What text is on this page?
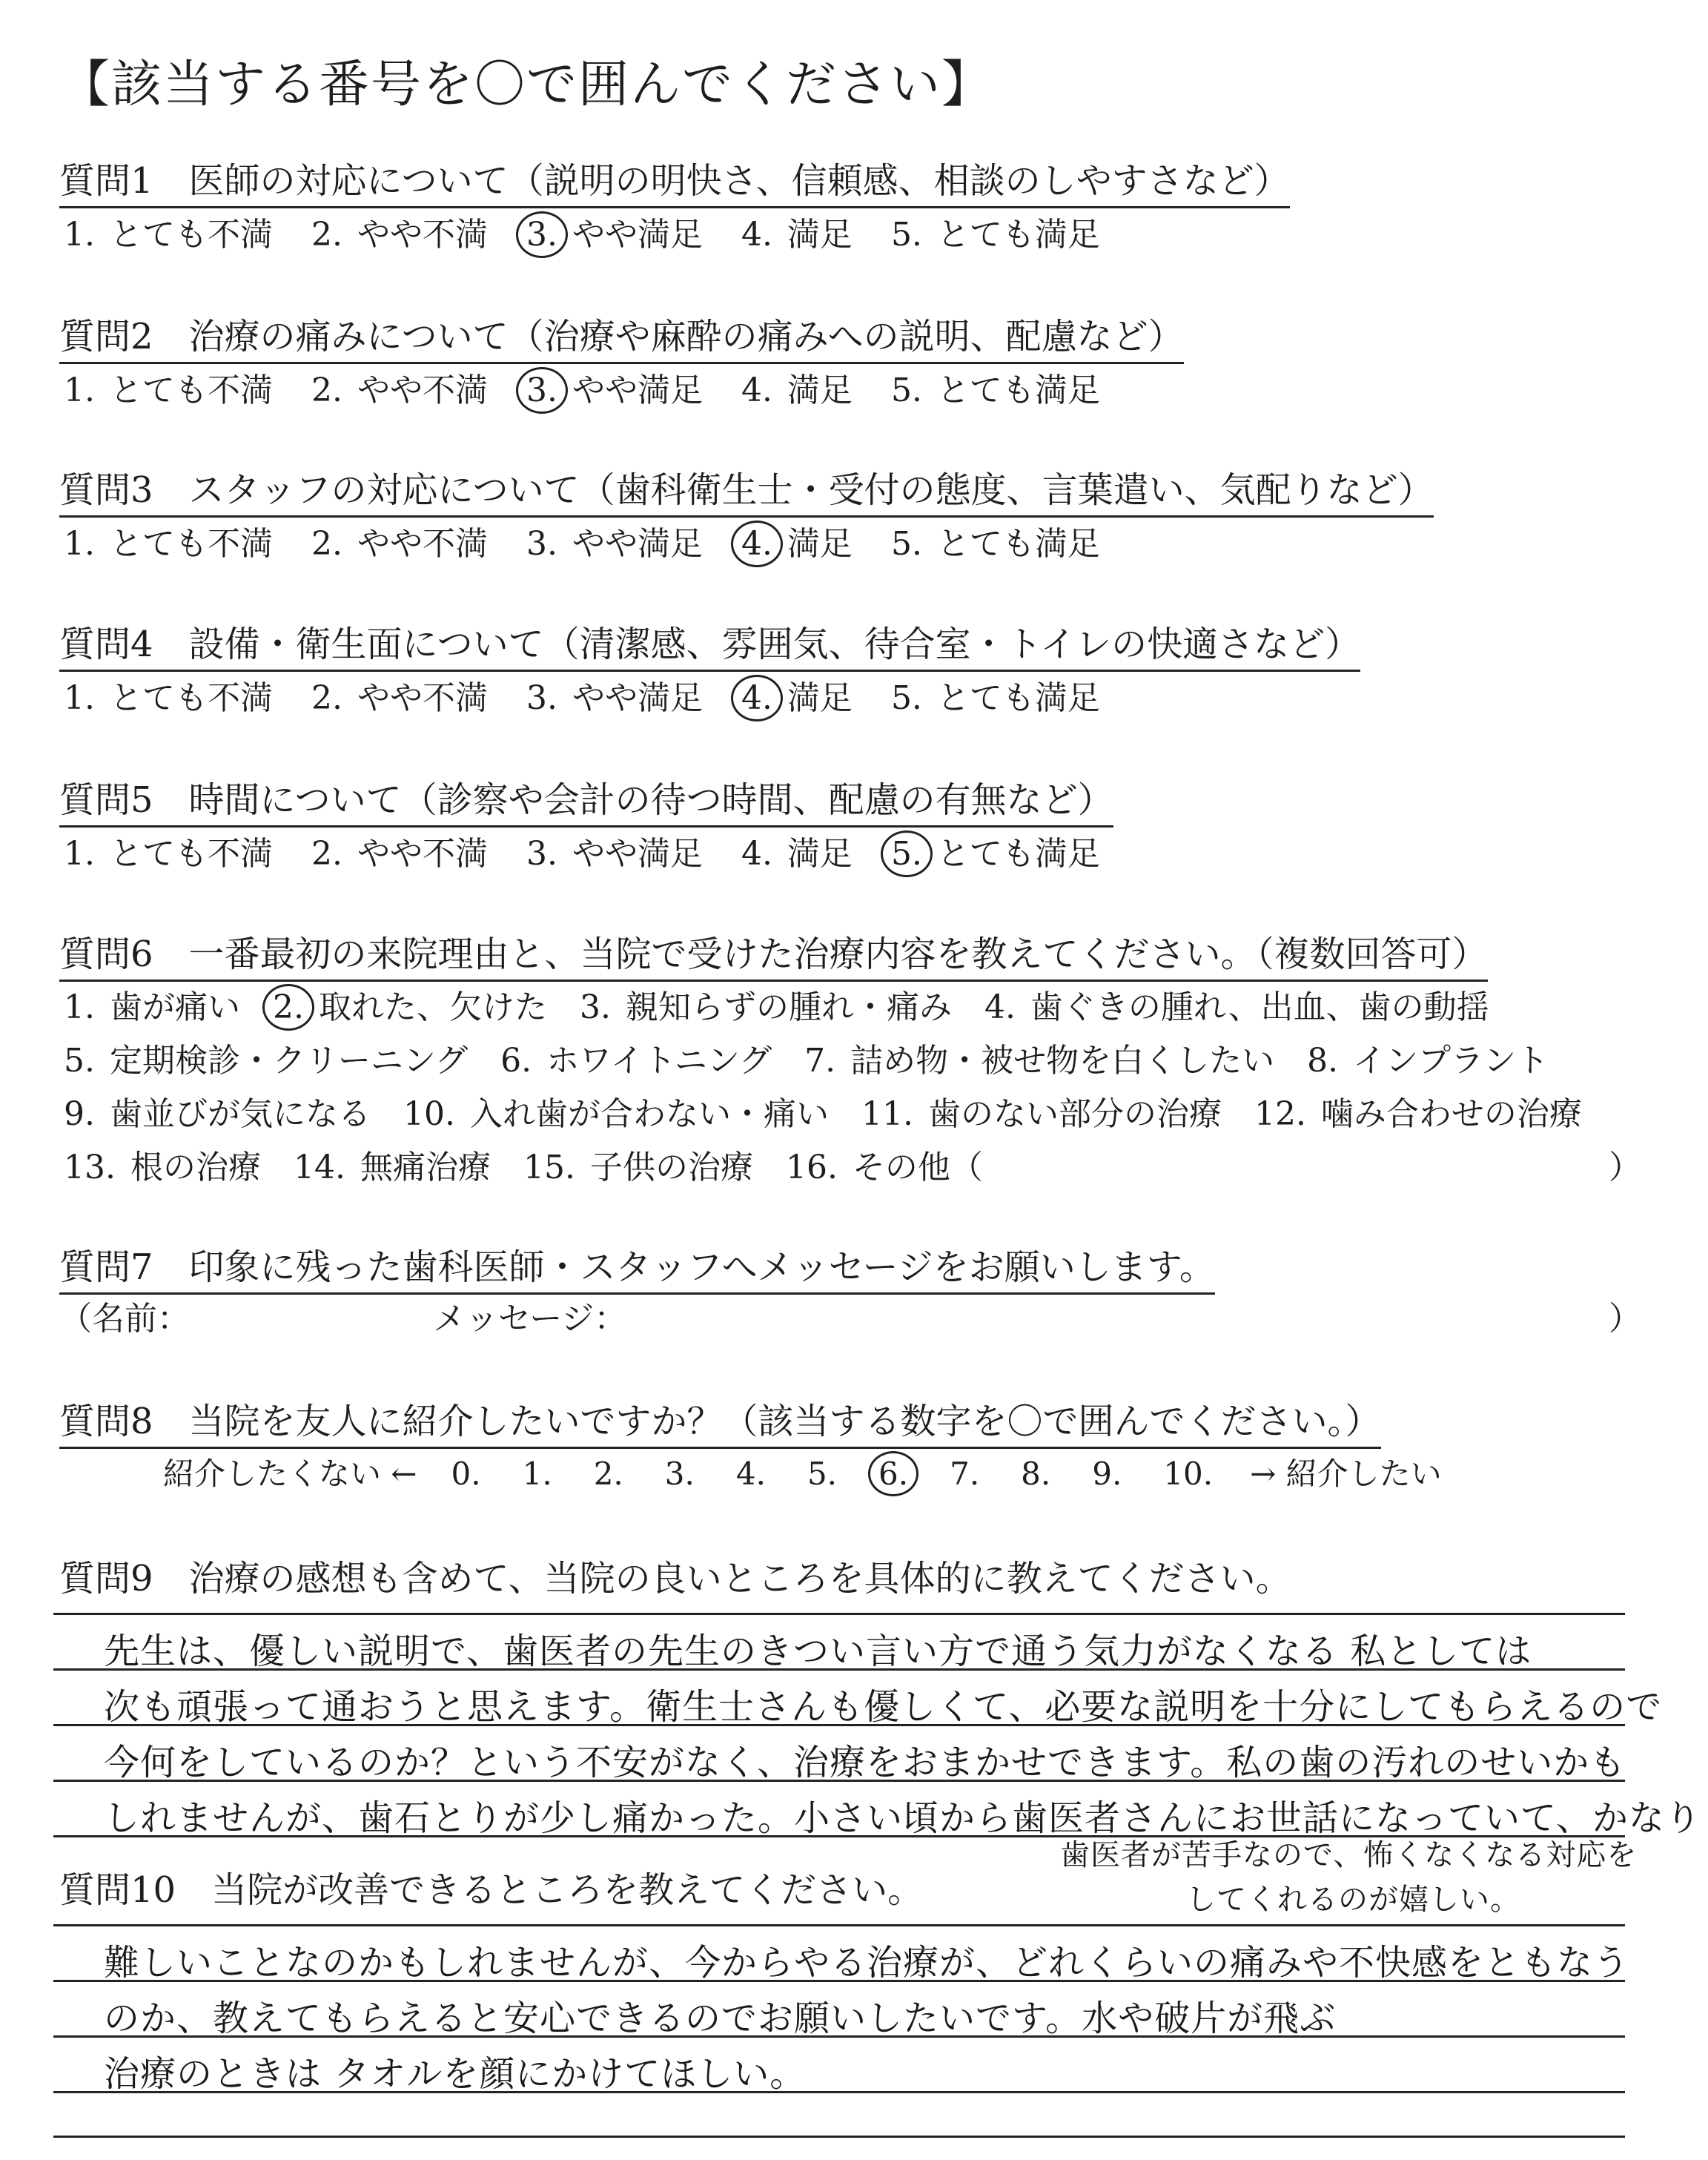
【該当する番号を〇で囲んでください】
質問1　医師の対応について（説明の明快さ、信頼感、相談のしやすさなど）
1. とても不満 2. やや不満 3. やや満足 4. 満足 5. とても満足
質問2　治療の痛みについて（治療や麻酔の痛みへの説明、配慮など）
1. とても不満 2. やや不満 3. やや満足 4. 満足 5. とても満足
質問3　スタッフの対応について（歯科衛生士・受付の態度、言葉遣い、気配りなど）
1. とても不満 2. やや不満 3. やや満足 4. 満足 5. とても満足
質問4　設備・衛生面について（清潔感、雰囲気、待合室・トイレの快適さなど）
1. とても不満 2. やや不満 3. やや満足 4. 満足 5. とても満足
質問5　時間について（診察や会計の待つ時間、配慮の有無など）
1. とても不満 2. やや不満 3. やや満足 4. 満足 5. とても満足
質問6　一番最初の来院理由と、当院で受けた治療内容を教えてください。（複数回答可）
1. 歯が痛い 2. 取れた、欠けた 3. 親知らずの腫れ・痛み 4. 歯ぐきの腫れ、出血、歯の動揺
5. 定期検診・クリーニング 6. ホワイトニング 7. 詰め物・被せ物を白くしたい 8. インプラント
9. 歯並びが気になる 10. 入れ歯が合わない・痛い 11. 歯のない部分の治療 12. 噛み合わせの治療
13. 根の治療 14. 無痛治療 15. 子供の治療 16. その他（	）
質問7　印象に残った歯科医師・スタッフへメッセージをお願いします。
（名前：	メッセージ：	）
質問8　当院を友人に紹介したいですか？（該当する数字を〇で囲んでください。）
紹介したくない ← 0. 1. 2. 3. 4. 5. 6. 7. 8. 9. 10. → 紹介したい
質問9　治療の感想も含めて、当院の良いところを具体的に教えてください。
先生は、優しい説明で、歯医者の先生のきつい言い方で通う気力がなくなる 私としては
次も頑張って通おうと思えます。衛生士さんも優しくて、必要な説明を十分にしてもらえるので
今何をしているのか？という不安がなく、治療をおまかせできます。私の歯の汚れのせいかも
しれませんが、歯石とりが少し痛かった。小さい頃から歯医者さんにお世話になっていて、かなり
歯医者が苦手なので、怖くなくなる対応を
してくれるのが嬉しい。
質問10　当院が改善できるところを教えてください。
難しいことなのかもしれませんが、今からやる治療が、どれくらいの痛みや不快感をともなう
のか、教えてもらえると安心できるのでお願いしたいです。水や破片が飛ぶ
治療のときは タオルを顔にかけてほしい。
